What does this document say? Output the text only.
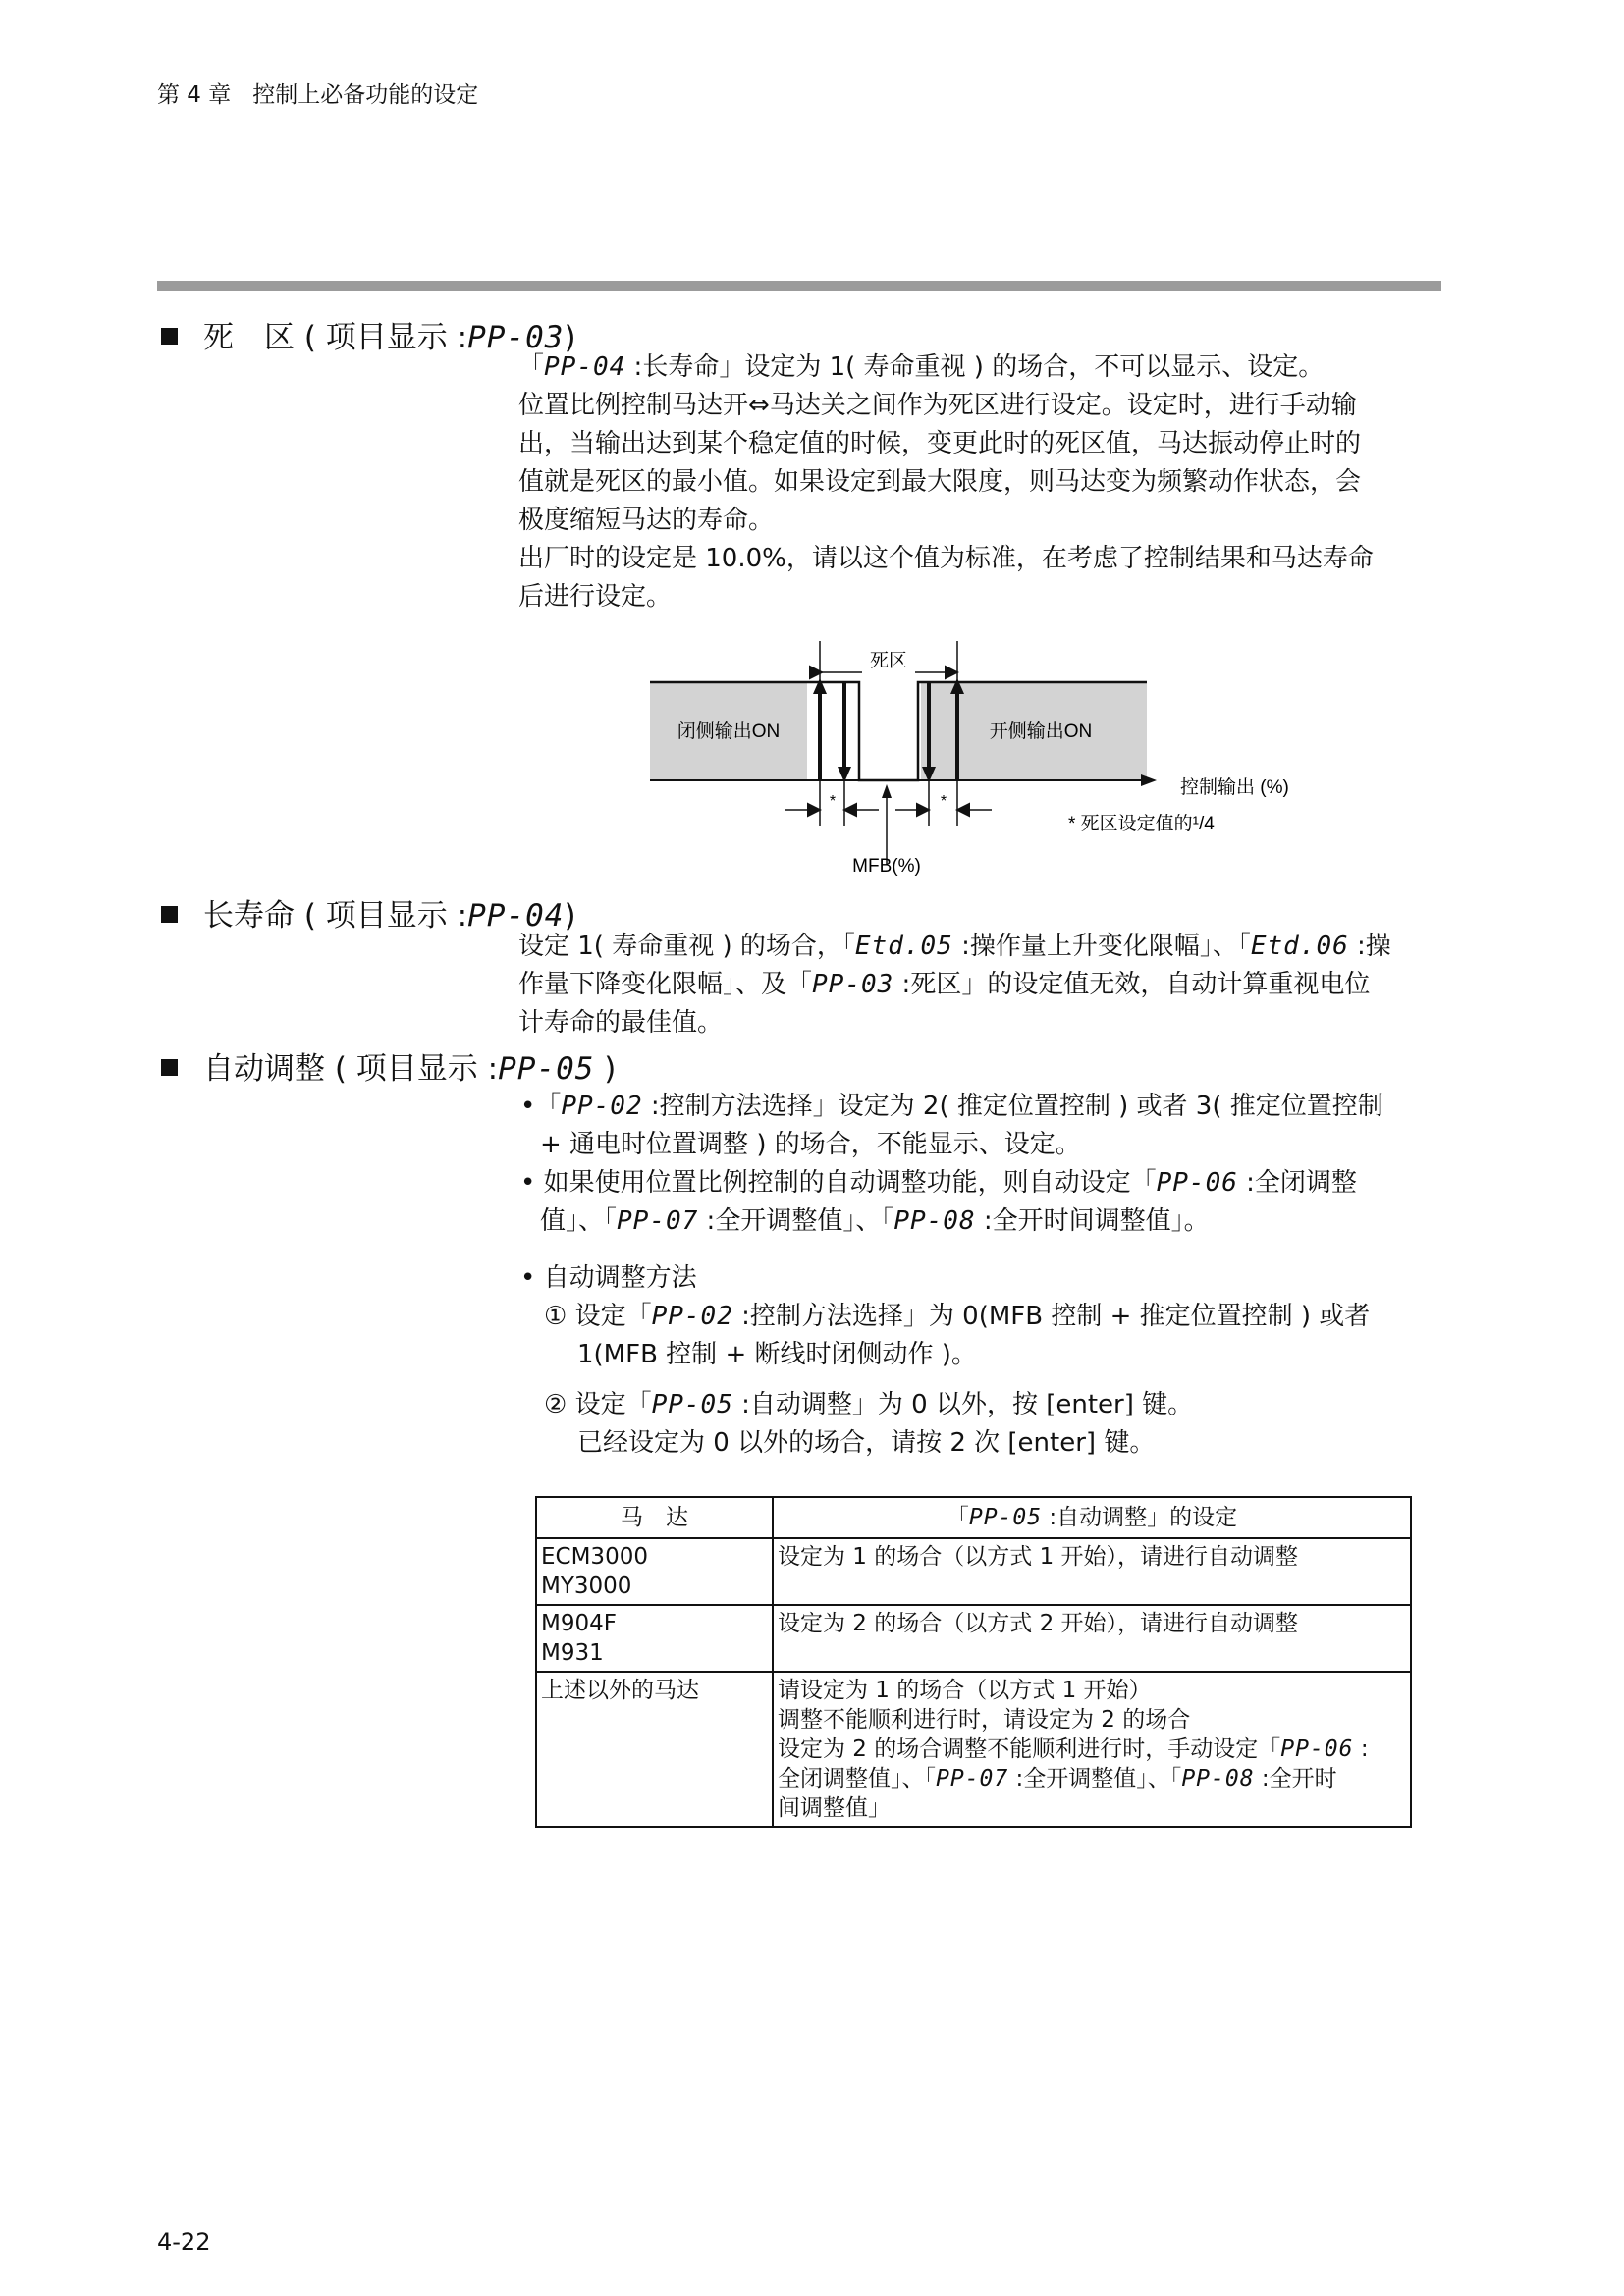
第 4 章 控制上必备功能的设定
死　区 ( 项目显示 :PP-03)

「PP-04 :长寿命」设定为 1( 寿命重视 ) 的场合，不可以显示、设定。

位置比例控制马达开⇔马达关之间作为死区进行设定。设定时，进行手动输

出，当输出达到某个稳定值的时候，变更此时的死区值，马达振动停止时的

值就是死区的最小值。如果设定到最大限度，则马达变为频繁动作状态，会

极度缩短马达的寿命。

出厂时的设定是 10.0%，请以这个值为标准，在考虑了控制结果和马达寿命

后进行设定。

死区
闭侧输出ON	开侧输出ON
控制输出 (%)
*	*
* 死区设定值的¹/4
MFB(%)
长寿命 ( 项目显示 :PP-04)

设定 1( 寿命重视 ) 的场合，「Etd.05 :操作量上升变化限幅」、「Etd.06 :操

作量下降变化限幅」、及「PP-03 :死区」的设定值无效，自动计算重视电位

计寿命的最佳值。

自动调整 ( 项目显示 :PP-05 )

•「PP-02 :控制方法选择」设定为 2( 推定位置控制 ) 或者 3( 推定位置控制

+ 通电时位置调整 ) 的场合，不能显示、设定。

• 如果使用位置比例控制的自动调整功能，则自动设定「PP-06 :全闭调整

值」、「PP-07 :全开调整值」、「PP-08 :全开时间调整值」。

• 自动调整方法

① 设定「PP-02 :控制方法选择」为 0(MFB 控制 + 推定位置控制 ) 或者

1(MFB 控制 + 断线时闭侧动作 )。

② 设定「PP-05 :自动调整」为 0 以外，按 [enter] 键。

已经设定为 0 以外的场合，请按 2 次 [enter] 键。

马　达	「PP-05 :自动调整」的设定

ECM3000
MY3000	设定为 1 的场合（以方式 1 开始），请进行自动调整

M904F
M931	设定为 2 的场合（以方式 2 开始），请进行自动调整
上述以外的马达	请设定为 1 的场合（以方式 1 开始）
调整不能顺利进行时，请设定为 2 的场合
设定为 2 的场合调整不能顺利进行时，手动设定「PP-06 :
全闭调整值」、「PP-07 :全开调整值」、「PP-08 :全开时
间调整值」
4-22
